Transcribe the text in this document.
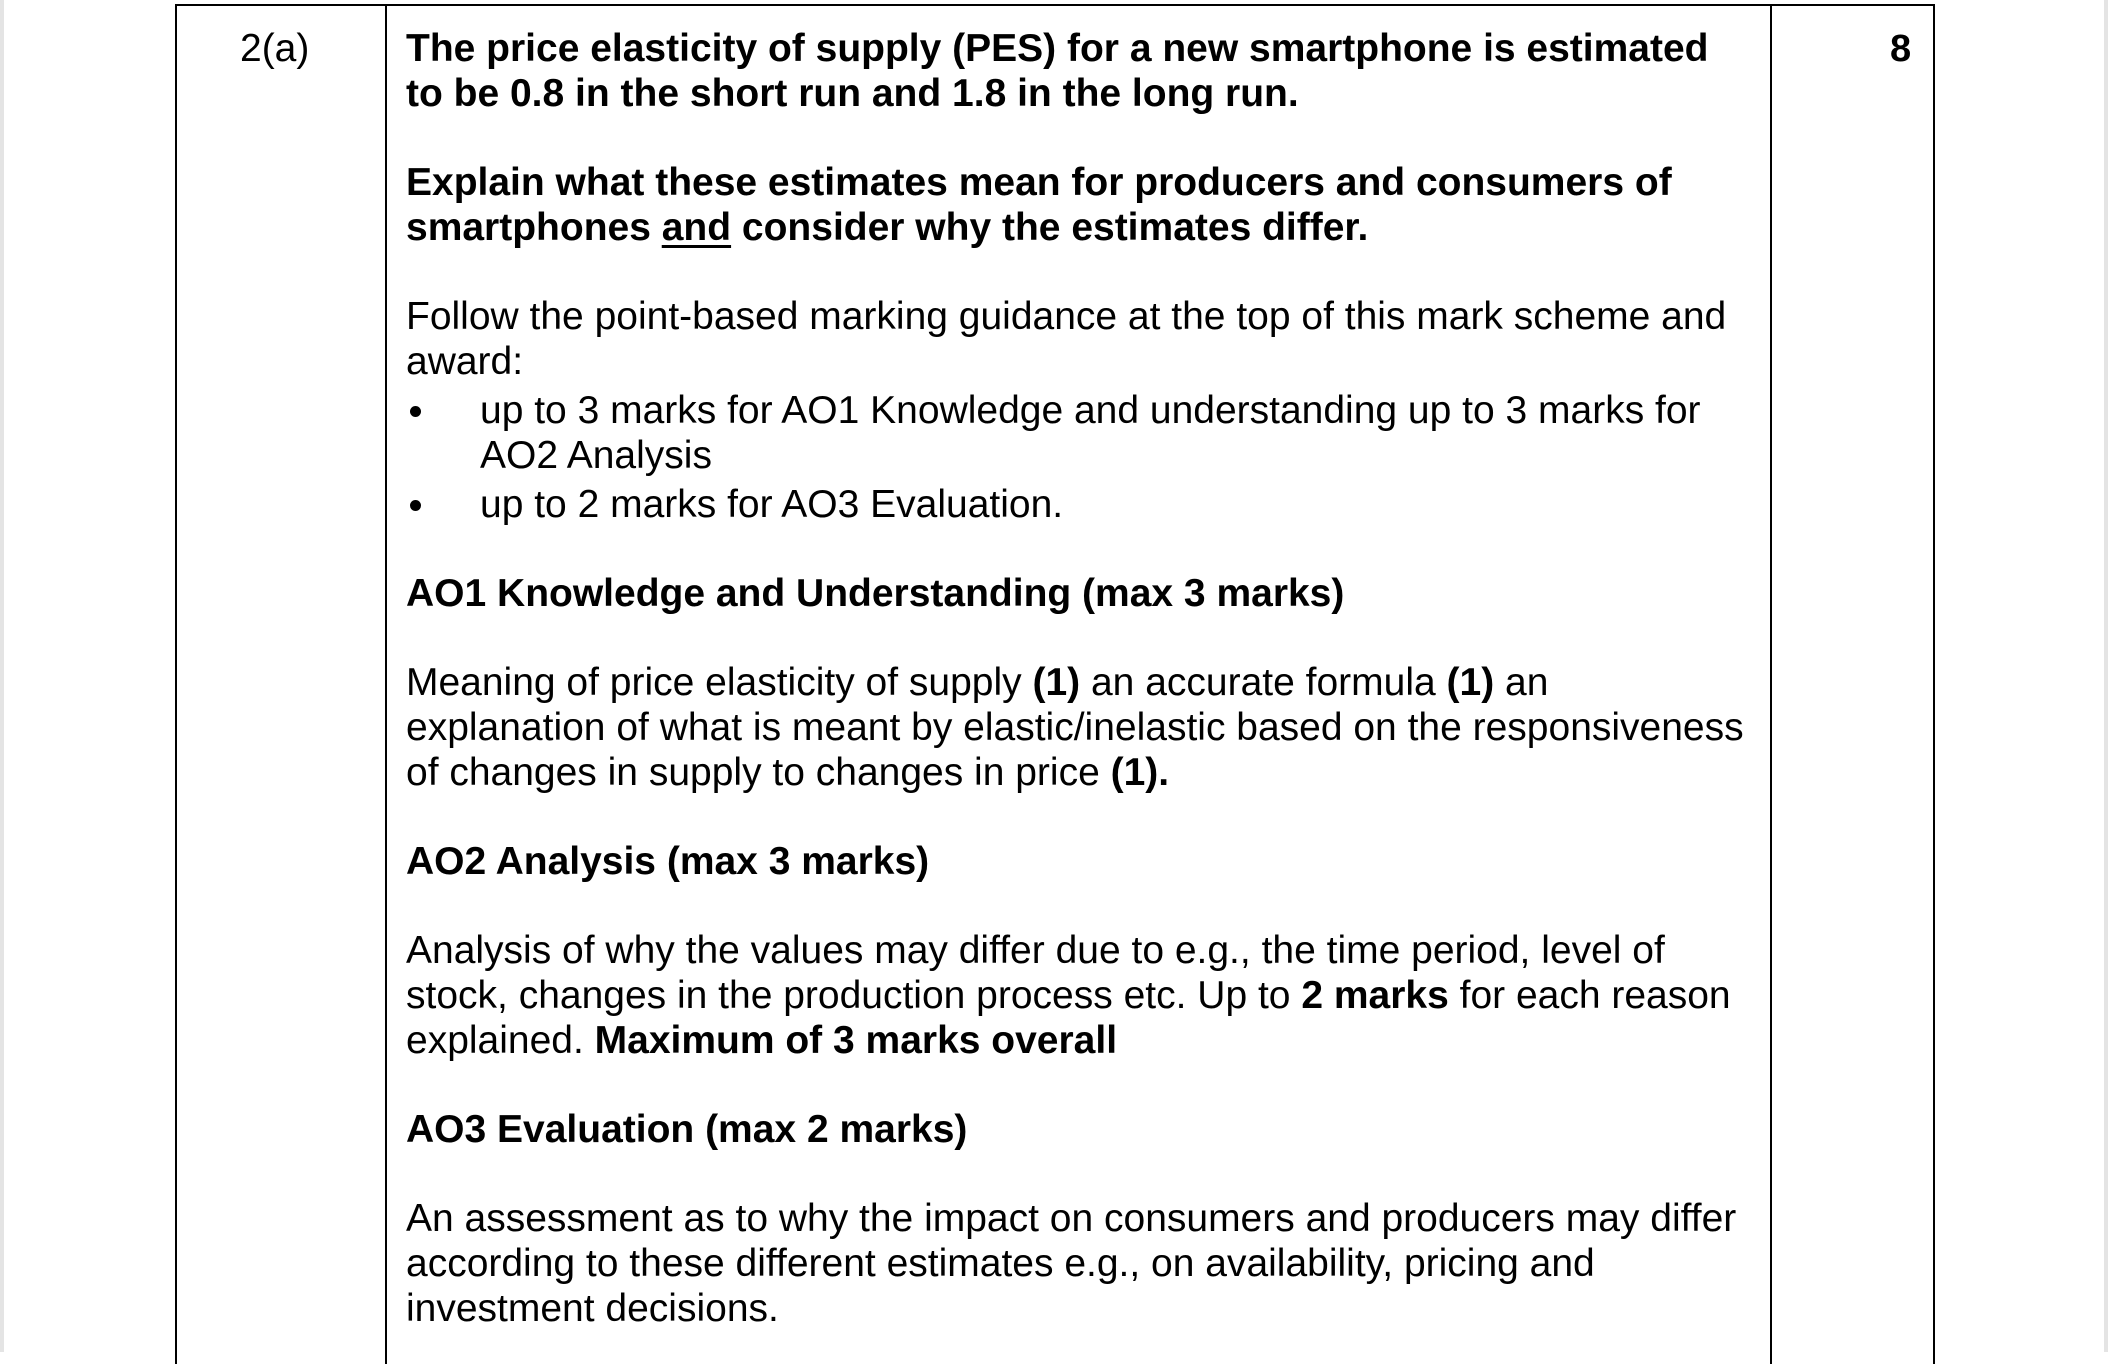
2(a)	8

The price elasticity of supply (PES) for a new smartphone is estimated to be 0.8 in the short run and 1.8 in the long run.

Explain what these estimates mean for producers and consumers of smartphones and consider why the estimates differ.

Follow the point-based marking guidance at the top of this mark scheme and award:

up to 3 marks for AO1 Knowledge and understanding up to 3 marks for AO2 Analysis
up to 2 marks for AO3 Evaluation.

AO1 Knowledge and Understanding (max 3 marks)

Meaning of price elasticity of supply (1) an accurate formula (1) an explanation of what is meant by elastic/inelastic based on the responsiveness of changes in supply to changes in price (1).

AO2 Analysis (max 3 marks)

Analysis of why the values may differ due to e.g., the time period, level of stock, changes in the production process etc. Up to 2 marks for each reason explained. Maximum of 3 marks overall

AO3 Evaluation (max 2 marks)

An assessment as to why the impact on consumers and producers may differ according to these different estimates e.g., on availability, pricing and investment decisions.
